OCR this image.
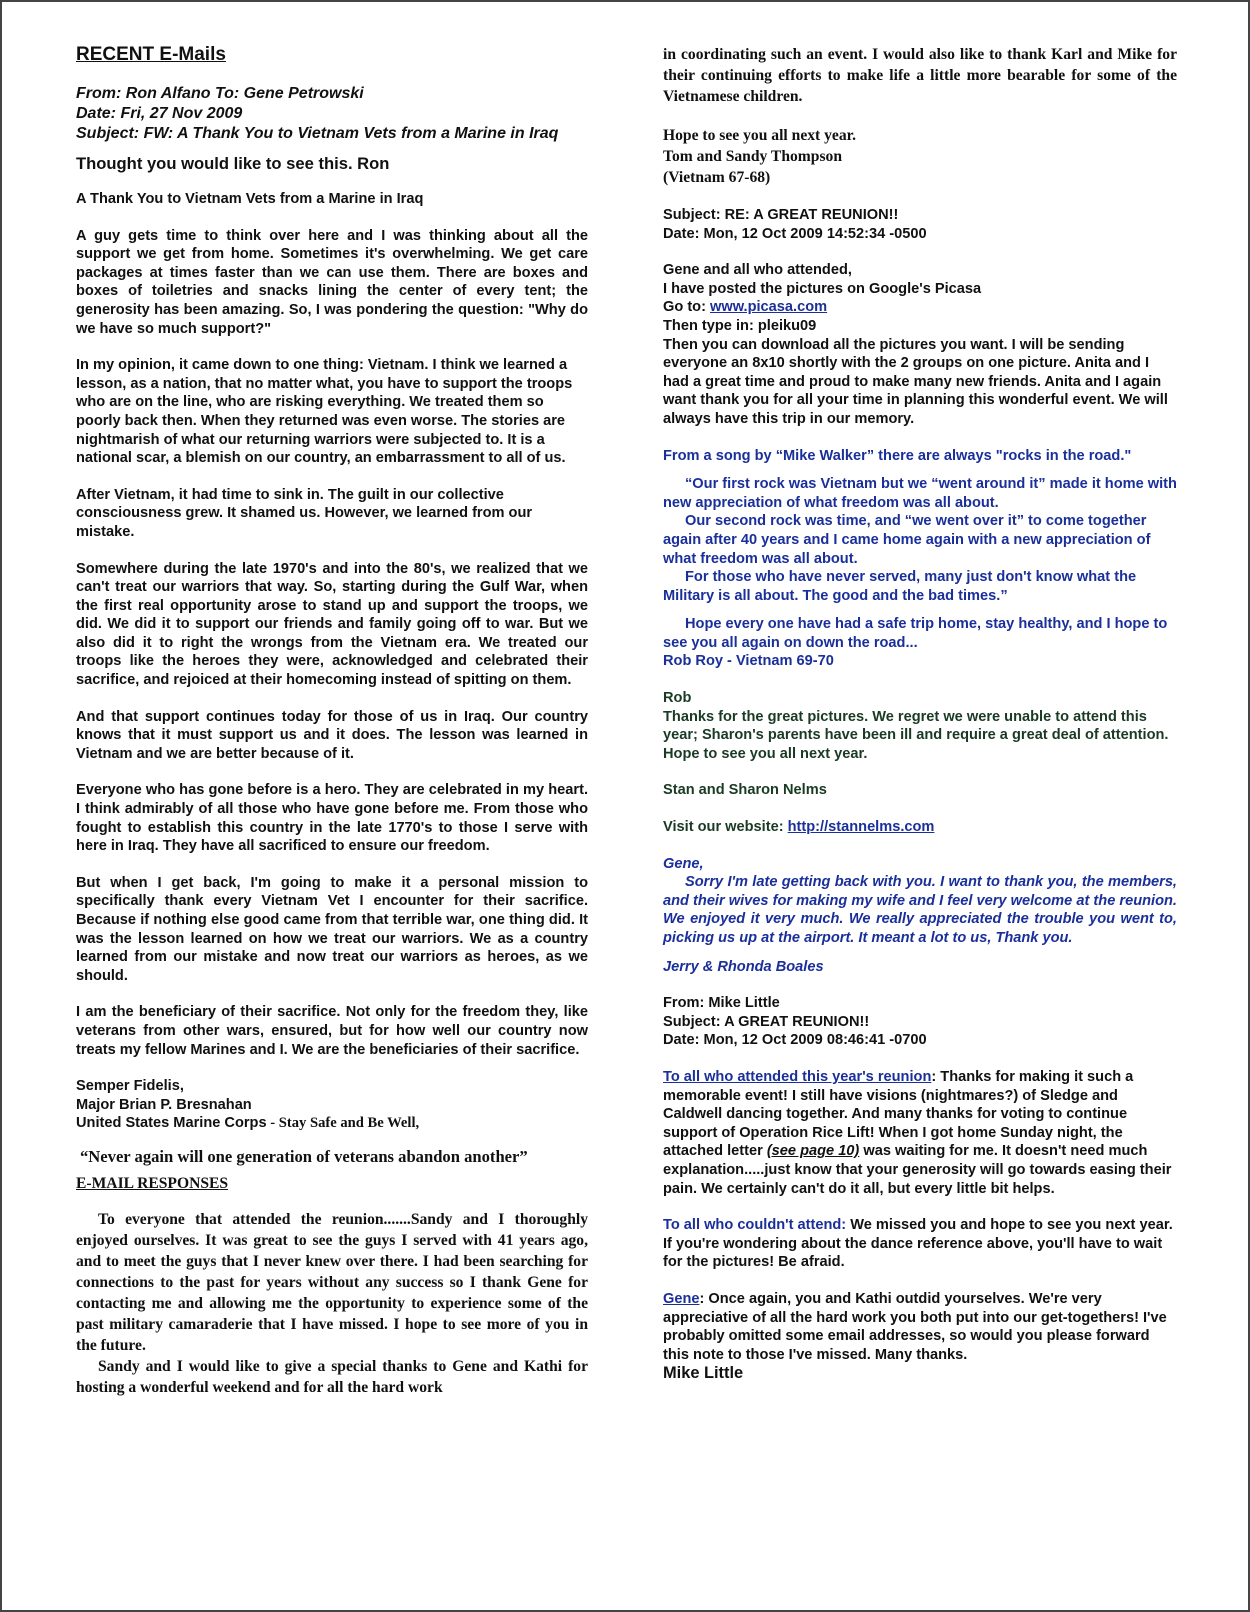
RECENT E-Mails
From: Ron Alfano To: Gene Petrowski
Date: Fri, 27 Nov 2009
Subject: FW: A Thank You to Vietnam Vets from a Marine in Iraq
Thought you would like to see this. Ron

A Thank You to Vietnam Vets from a Marine in Iraq

A guy gets time to think over here and I was thinking about all the support we get from home. Sometimes it's overwhelming. We get care packages at times faster than we can use them. There are boxes and boxes of toiletries and snacks lining the center of every tent; the generosity has been amazing. So, I was pondering the question: "Why do we have so much support?"

In my opinion, it came down to one thing: Vietnam. I think we learned a lesson, as a nation, that no matter what, you have to support the troops who are on the line, who are risking everything. We treated them so poorly back then. When they returned was even worse. The stories are nightmarish of what our returning warriors were subjected to. It is a national scar, a blemish on our country, an embarrassment to all of us.

After Vietnam, it had time to sink in. The guilt in our collective consciousness grew. It shamed us. However, we learned from our mistake.

Somewhere during the late 1970's and into the 80's, we realized that we can't treat our warriors that way. So, starting during the Gulf War, when the first real opportunity arose to stand up and support the troops, we did. We did it to support our friends and family going off to war. But we also did it to right the wrongs from the Vietnam era. We treated our troops like the heroes they were, acknowledged and celebrated their sacrifice, and rejoiced at their homecoming instead of spitting on them.

And that support continues today for those of us in Iraq. Our country knows that it must support us and it does. The lesson was learned in Vietnam and we are better because of it.

Everyone who has gone before is a hero. They are celebrated in my heart. I think admirably of all those who have gone before me. From those who fought to establish this country in the late 1770's to those I serve with here in Iraq. They have all sacrificed to ensure our freedom.

But when I get back, I'm going to make it a personal mission to specifically thank every Vietnam Vet I encounter for their sacrifice. Because if nothing else good came from that terrible war, one thing did. It was the lesson learned on how we treat our warriors. We as a country learned from our mistake and now treat our warriors as heroes, as we should.

I am the beneficiary of their sacrifice. Not only for the freedom they, like veterans from other wars, ensured, but for how well our country now treats my fellow Marines and I. We are the beneficiaries of their sacrifice.

Semper Fidelis,

Major Brian P. Bresnahan

United States Marine Corps - Stay Safe and Be Well,

“Never again will one generation of veterans abandon another”
E-MAIL RESPONSES

To everyone that attended the reunion.......Sandy and I thoroughly enjoyed ourselves. It was great to see the guys I served with 41 years ago, and to meet the guys that I never knew over there. I had been searching for connections to the past for years without any success so I thank Gene for contacting me and allowing me the opportunity to experience some of the past military camaraderie that I have missed. I hope to see more of you in the future.

Sandy and I would like to give a special thanks to Gene and Kathi for hosting a wonderful weekend and for all the hard work

in coordinating such an event. I would also like to thank Karl and Mike for their continuing efforts to make life a little more bearable for some of the Vietnamese children.

Hope to see you all next year.

Tom and Sandy Thompson

(Vietnam 67-68)

Subject: RE: A GREAT REUNION!!

Date: Mon, 12 Oct 2009 14:52:34 -0500

Gene and all who attended,

I have posted the pictures on Google's Picasa

Go to: www.picasa.com

Then type in: pleiku09

Then you can download all the pictures you want. I will be sending everyone an 8x10 shortly with the 2 groups on one picture. Anita and I had a great time and proud to make many new friends. Anita and I again want thank you for all your time in planning this wonderful event. We will always have this trip in our memory.

From a song by “Mike Walker” there are always "rocks in the road."

“Our first rock was Vietnam but we “went around it” made it home with new appreciation of what freedom was all about.

Our second rock was time, and “we went over it” to come together again after 40 years and I came home again with a new appreciation of what freedom was all about.

For those who have never served, many just don't know what the Military is all about. The good and the bad times.”

Hope every one have had a safe trip home, stay healthy, and I hope to see you all again on down the road...

Rob Roy - Vietnam 69-70

Rob

Thanks for the great pictures. We regret we were unable to attend this year; Sharon's parents have been ill and require a great deal of attention. Hope to see you all next year.

Stan and Sharon Nelms

Visit our website: http://stannelms.com

Gene,

Sorry I'm late getting back with you. I want to thank you, the members, and their wives for making my wife and I feel very welcome at the reunion. We enjoyed it very much. We really appreciated the trouble you went to, picking us up at the airport. It meant a lot to us, Thank you.

Jerry & Rhonda Boales

From: Mike Little

Subject: A GREAT REUNION!!

Date: Mon, 12 Oct 2009 08:46:41 -0700

To all who attended this year's reunion: Thanks for making it such a memorable event! I still have visions (nightmares?) of Sledge and Caldwell dancing together. And many thanks for voting to continue support of Operation Rice Lift! When I got home Sunday night, the attached letter (see page 10) was waiting for me. It doesn't need much explanation.....just know that your generosity will go towards easing their pain. We certainly can't do it all, but every little bit helps.

To all who couldn't attend: We missed you and hope to see you next year. If you're wondering about the dance reference above, you'll have to wait for the pictures! Be afraid.

Gene: Once again, you and Kathi outdid yourselves. We're very appreciative of all the hard work you both put into our get-togethers! I've probably omitted some email addresses, so would you please forward this note to those I've missed. Many thanks.

Mike Little
